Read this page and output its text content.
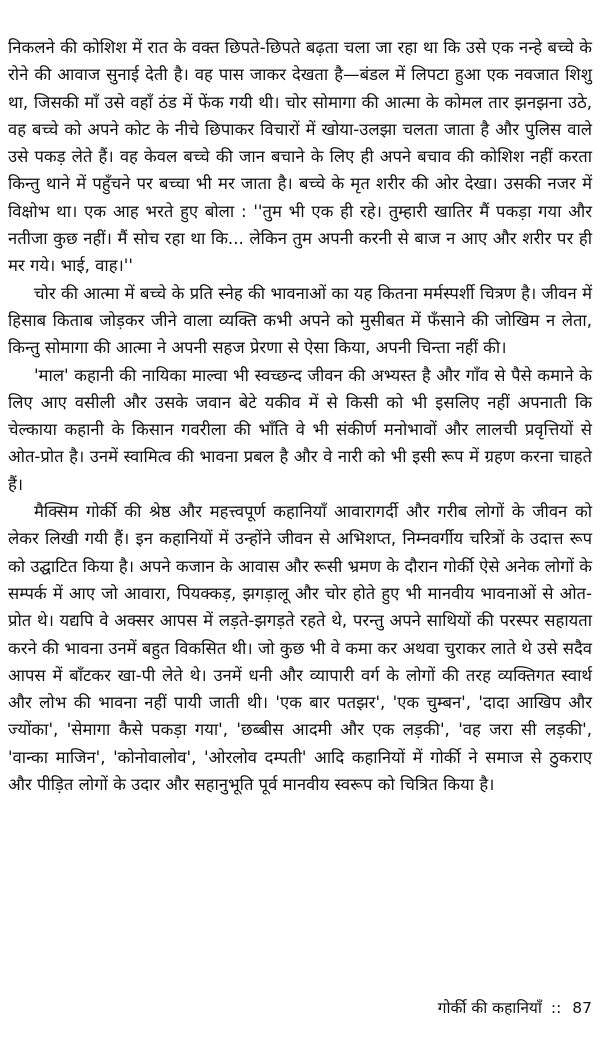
निकलने की कोशिश में रात के वक्त छिपते-छिपते बढ़ता चला जा रहा था कि उसे एक नन्हे बच्चे के रोने की आवाज सुनाई देती है। वह पास जाकर देखता है—बंडल में लिपटा हुआ एक नवजात शिशु था, जिसकी माँ उसे वहाँ ठंड में फेंक गयी थी। चोर सोमागा की आत्मा के कोमल तार झनझना उठे, वह बच्चे को अपने कोट के नीचे छिपाकर विचारों में खोया-उलझा चलता जाता है और पुलिस वाले उसे पकड़ लेते हैं। वह केवल बच्चे की जान बचाने के लिए ही अपने बचाव की कोशिश नहीं करता किन्तु थाने में पहुँचने पर बच्चा भी मर जाता है। बच्चे के मृत शरीर की ओर देखा। उसकी नजर में विक्षोभ था। एक आह भरते हुए बोला : ''तुम भी एक ही रहे। तुम्हारी खातिर मैं पकड़ा गया और नतीजा कुछ नहीं। मैं सोच रहा था कि... लेकिन तुम अपनी करनी से बाज न आए और शरीर पर ही मर गये। भाई, वाह।''

चोर की आत्मा में बच्चे के प्रति स्नेह की भावनाओं का यह कितना मर्मस्पर्शी चित्रण है। जीवन में हिसाब किताब जोड़कर जीने वाला व्यक्ति कभी अपने को मुसीबत में फँसाने की जोखिम न लेता, किन्तु सोमागा की आत्मा ने अपनी सहज प्रेरणा से ऐसा किया, अपनी चिन्ता नहीं की।

'माल' कहानी की नायिका माल्वा भी स्वच्छन्द जीवन की अभ्यस्त है और गाँव से पैसे कमाने के लिए आए वसीली और उसके जवान बेटे यकीव में से किसी को भी इसलिए नहीं अपनाती कि चेल्काया कहानी के किसान गवरीला की भाँति वे भी संकीर्ण मनोभावों और लालची प्रवृत्तियों से ओत-प्रोत है। उनमें स्वामित्व की भावना प्रबल है और वे नारी को भी इसी रूप में ग्रहण करना चाहते हैं।

मैक्सिम गोर्की की श्रेष्ठ और महत्त्वपूर्ण कहानियाँ आवारागर्दी और गरीब लोगों के जीवन को लेकर लिखी गयी हैं। इन कहानियों में उन्होंने जीवन से अभिशप्त, निम्नवर्गीय चरित्रों के उदात्त रूप को उद्घाटित किया है। अपने कजान के आवास और रूसी भ्रमण के दौरान गोर्की ऐसे अनेक लोगों के सम्पर्क में आए जो आवारा, पियक्कड़, झगड़ालू और चोर होते हुए भी मानवीय भावनाओं से ओत-प्रोत थे। यद्यपि वे अक्सर आपस में लड़ते-झगड़ते रहते थे, परन्तु अपने साथियों की परस्पर सहायता करने की भावना उनमें बहुत विकसित थी। जो कुछ भी वे कमा कर अथवा चुराकर लाते थे उसे सदैव आपस में बाँटकर खा-पी लेते थे। उनमें धनी और व्यापारी वर्ग के लोगों की तरह व्यक्तिगत स्वार्थ और लोभ की भावना नहीं पायी जाती थी। 'एक बार पतझर', 'एक चुम्बन', 'दादा आखिप और ज्योंका', 'सेमागा कैसे पकड़ा गया', 'छब्बीस आदमी और एक लड़की', 'वह जरा सी लड़की', 'वान्का माजिन', 'कोनोवालोव', 'ओरलोव दम्पती' आदि कहानियों में गोर्की ने समाज से ठुकराए और पीड़ित लोगों के उदार और सहानुभूति पूर्व मानवीय स्वरूप को चित्रित किया है।

गोर्की की कहानियाँ :: 87
